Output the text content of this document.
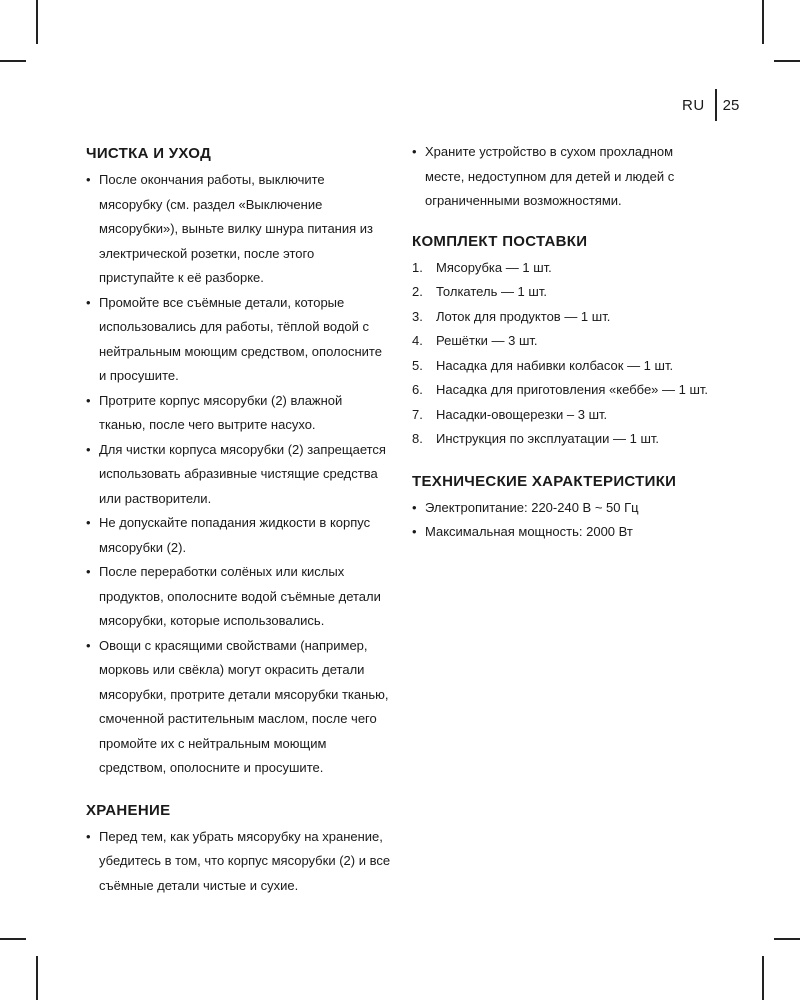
RU 25
ЧИСТКА И УХОД
• После окончания работы, выключите мясорубку (см. раздел «Выключение мясорубки»), выньте вилку шнура питания из электрической розетки, после этого приступайте к её разборке.
• Промойте все съёмные детали, которые использовались для работы, тёплой водой с нейтральным моющим средством, ополосните и просушите.
• Протрите корпус мясорубки (2) влажной тканью, после чего вытрите насухо.
• Для чистки корпуса мясорубки (2) запрещается использовать абразивные чистящие средства или растворители.
• Не допускайте попадания жидкости в корпус мясорубки (2).
• После переработки солёных или кислых продуктов, ополосните водой съёмные детали мясорубки, которые использовались.
• Овощи с красящими свойствами (например, морковь или свёкла) могут окрасить детали мясорубки, протрите детали мясорубки тканью, смоченной растительным маслом, после чего промойте их с нейтральным моющим средством, ополосните и просушите.
ХРАНЕНИЕ
• Перед тем, как убрать мясорубку на хранение, убедитесь в том, что корпус мясорубки (2) и все съёмные детали чистые и сухие.
• Храните устройство в сухом прохладном месте, недоступном для детей и людей с ограниченными возможностями.
КОМПЛЕКТ ПОСТАВКИ
1. Мясорубка — 1 шт.
2. Толкатель — 1 шт.
3. Лоток для продуктов — 1 шт.
4. Решётки — 3 шт.
5. Насадка для набивки колбасок — 1 шт.
6. Насадка для приготовления «кеббе» — 1 шт.
7. Насадки-овощерезки – 3 шт.
8. Инструкция по эксплуатации — 1 шт.
ТЕХНИЧЕСКИЕ ХАРАКТЕРИСТИКИ
• Электропитание: 220-240 В ~ 50 Гц
• Максимальная мощность: 2000 Вт
